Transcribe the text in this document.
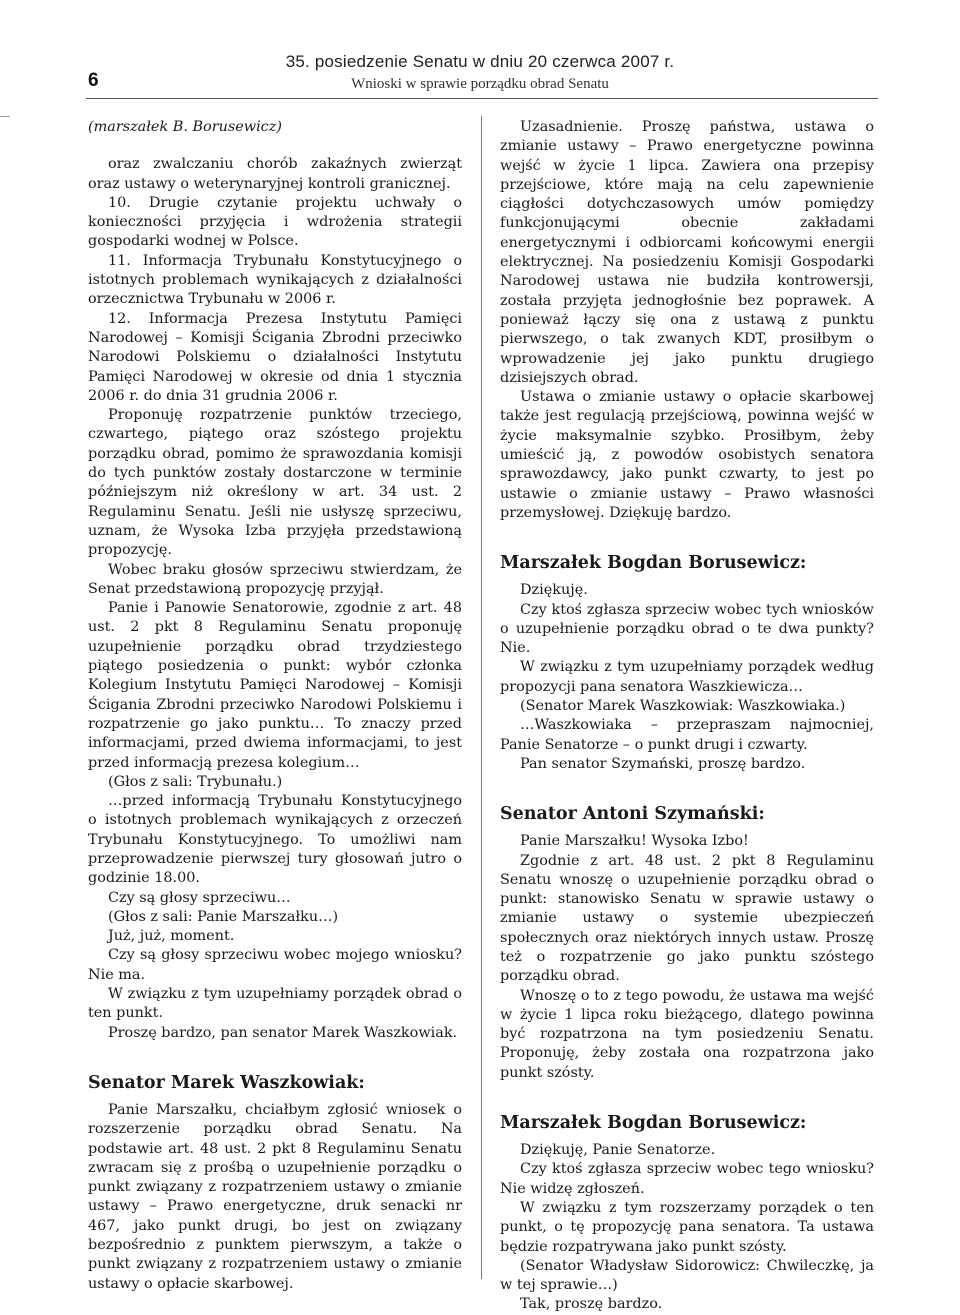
6
35. posiedzenie Senatu w dniu 20 czerwca 2007 r.
Wnioski w sprawie porządku obrad Senatu

(marszałek B. Borusewicz)

oraz zwalczaniu chorób zakaźnych zwierząt oraz ustawy o weterynaryjnej kontroli granicznej.

10. Drugie czytanie projektu uchwały o konieczności przyjęcia i wdrożenia strategii gospodarki wodnej w Polsce.

11. Informacja Trybunału Konstytucyjnego o istotnych problemach wynikających z działalności orzecznictwa Trybunału w 2006 r.

12. Informacja Prezesa Instytutu Pamięci Narodowej – Komisji Ścigania Zbrodni przeciwko Narodowi Polskiemu o działalności Instytutu Pamięci Narodowej w okresie od dnia 1 stycznia 2006 r. do dnia 31 grudnia 2006 r.

Proponuję rozpatrzenie punktów trzeciego, czwartego, piątego oraz szóstego projektu porządku obrad, pomimo że sprawozdania komisji do tych punktów zostały dostarczone w terminie późniejszym niż określony w art. 34 ust. 2 Regulaminu Senatu. Jeśli nie usłyszę sprzeciwu, uznam, że Wysoka Izba przyjęła przedstawioną propozycję.

Wobec braku głosów sprzeciwu stwierdzam, że Senat przedstawioną propozycję przyjął.

Panie i Panowie Senatorowie, zgodnie z art. 48 ust. 2 pkt 8 Regulaminu Senatu proponuję uzupełnienie porządku obrad trzydziestego piątego posiedzenia o punkt: wybór członka Kolegium Instytutu Pamięci Narodowej – Komisji Ścigania Zbrodni przeciwko Narodowi Polskiemu i rozpatrzenie go jako punktu… To znaczy przed informacjami, przed dwiema informacjami, to jest przed informacją prezesa kolegium…

(Głos z sali: Trybunału.)

…przed informacją Trybunału Konstytucyjnego o istotnych problemach wynikających z orzeczeń Trybunału Konstytucyjnego. To umożliwi nam przeprowadzenie pierwszej tury głosowań jutro o godzinie 18.00.

Czy są głosy sprzeciwu…

(Głos z sali: Panie Marszałku…)

Już, już, moment.

Czy są głosy sprzeciwu wobec mojego wniosku? Nie ma.

W związku z tym uzupełniamy porządek obrad o ten punkt.

Proszę bardzo, pan senator Marek Waszkowiak.

Senator Marek Waszkowiak:

Panie Marszałku, chciałbym zgłosić wniosek o rozszerzenie porządku obrad Senatu. Na podstawie art. 48 ust. 2 pkt 8 Regulaminu Senatu zwracam się z prośbą o uzupełnienie porządku o punkt związany z rozpatrzeniem ustawy o zmianie ustawy – Prawo energetyczne, druk senacki nr 467, jako punkt drugi, bo jest on związany bezpośrednio z punktem pierwszym, a także o punkt związany z rozpatrzeniem ustawy o zmianie ustawy o opłacie skarbowej.

Uzasadnienie. Proszę państwa, ustawa o zmianie ustawy – Prawo energetyczne powinna wejść w życie 1 lipca. Zawiera ona przepisy przejściowe, które mają na celu zapewnienie ciągłości dotychczasowych umów pomiędzy funkcjonującymi obecnie zakładami energetycznymi i odbiorcami końcowymi energii elektrycznej. Na posiedzeniu Komisji Gospodarki Narodowej ustawa nie budziła kontrowersji, została przyjęta jednogłośnie bez poprawek. A ponieważ łączy się ona z ustawą z punktu pierwszego, o tak zwanych KDT, prosiłbym o wprowadzenie jej jako punktu drugiego dzisiejszych obrad.

Ustawa o zmianie ustawy o opłacie skarbowej także jest regulacją przejściową, powinna wejść w życie maksymalnie szybko. Prosiłbym, żeby umieścić ją, z powodów osobistych senatora sprawozdawcy, jako punkt czwarty, to jest po ustawie o zmianie ustawy – Prawo własności przemysłowej. Dziękuję bardzo.

Marszałek Bogdan Borusewicz:

Dziękuję.

Czy ktoś zgłasza sprzeciw wobec tych wniosków o uzupełnienie porządku obrad o te dwa punkty? Nie.

W związku z tym uzupełniamy porządek według propozycji pana senatora Waszkiewicza…

(Senator Marek Waszkowiak: Waszkowiaka.)

…Waszkowiaka – przepraszam najmocniej, Panie Senatorze – o punkt drugi i czwarty.

Pan senator Szymański, proszę bardzo.

Senator Antoni Szymański:

Panie Marszałku! Wysoka Izbo!

Zgodnie z art. 48 ust. 2 pkt 8 Regulaminu Senatu wnoszę o uzupełnienie porządku obrad o punkt: stanowisko Senatu w sprawie ustawy o zmianie ustawy o systemie ubezpieczeń społecznych oraz niektórych innych ustaw. Proszę też o rozpatrzenie go jako punktu szóstego porządku obrad.

Wnoszę o to z tego powodu, że ustawa ma wejść w życie 1 lipca roku bieżącego, dlatego powinna być rozpatrzona na tym posiedzeniu Senatu. Proponuję, żeby została ona rozpatrzona jako punkt szósty.

Marszałek Bogdan Borusewicz:

Dziękuję, Panie Senatorze.

Czy ktoś zgłasza sprzeciw wobec tego wniosku? Nie widzę zgłoszeń.

W związku z tym rozszerzamy porządek o ten punkt, o tę propozycję pana senatora. Ta ustawa będzie rozpatrywana jako punkt szósty.

(Senator Władysław Sidorowicz: Chwileczkę, ja w tej sprawie…)

Tak, proszę bardzo.
